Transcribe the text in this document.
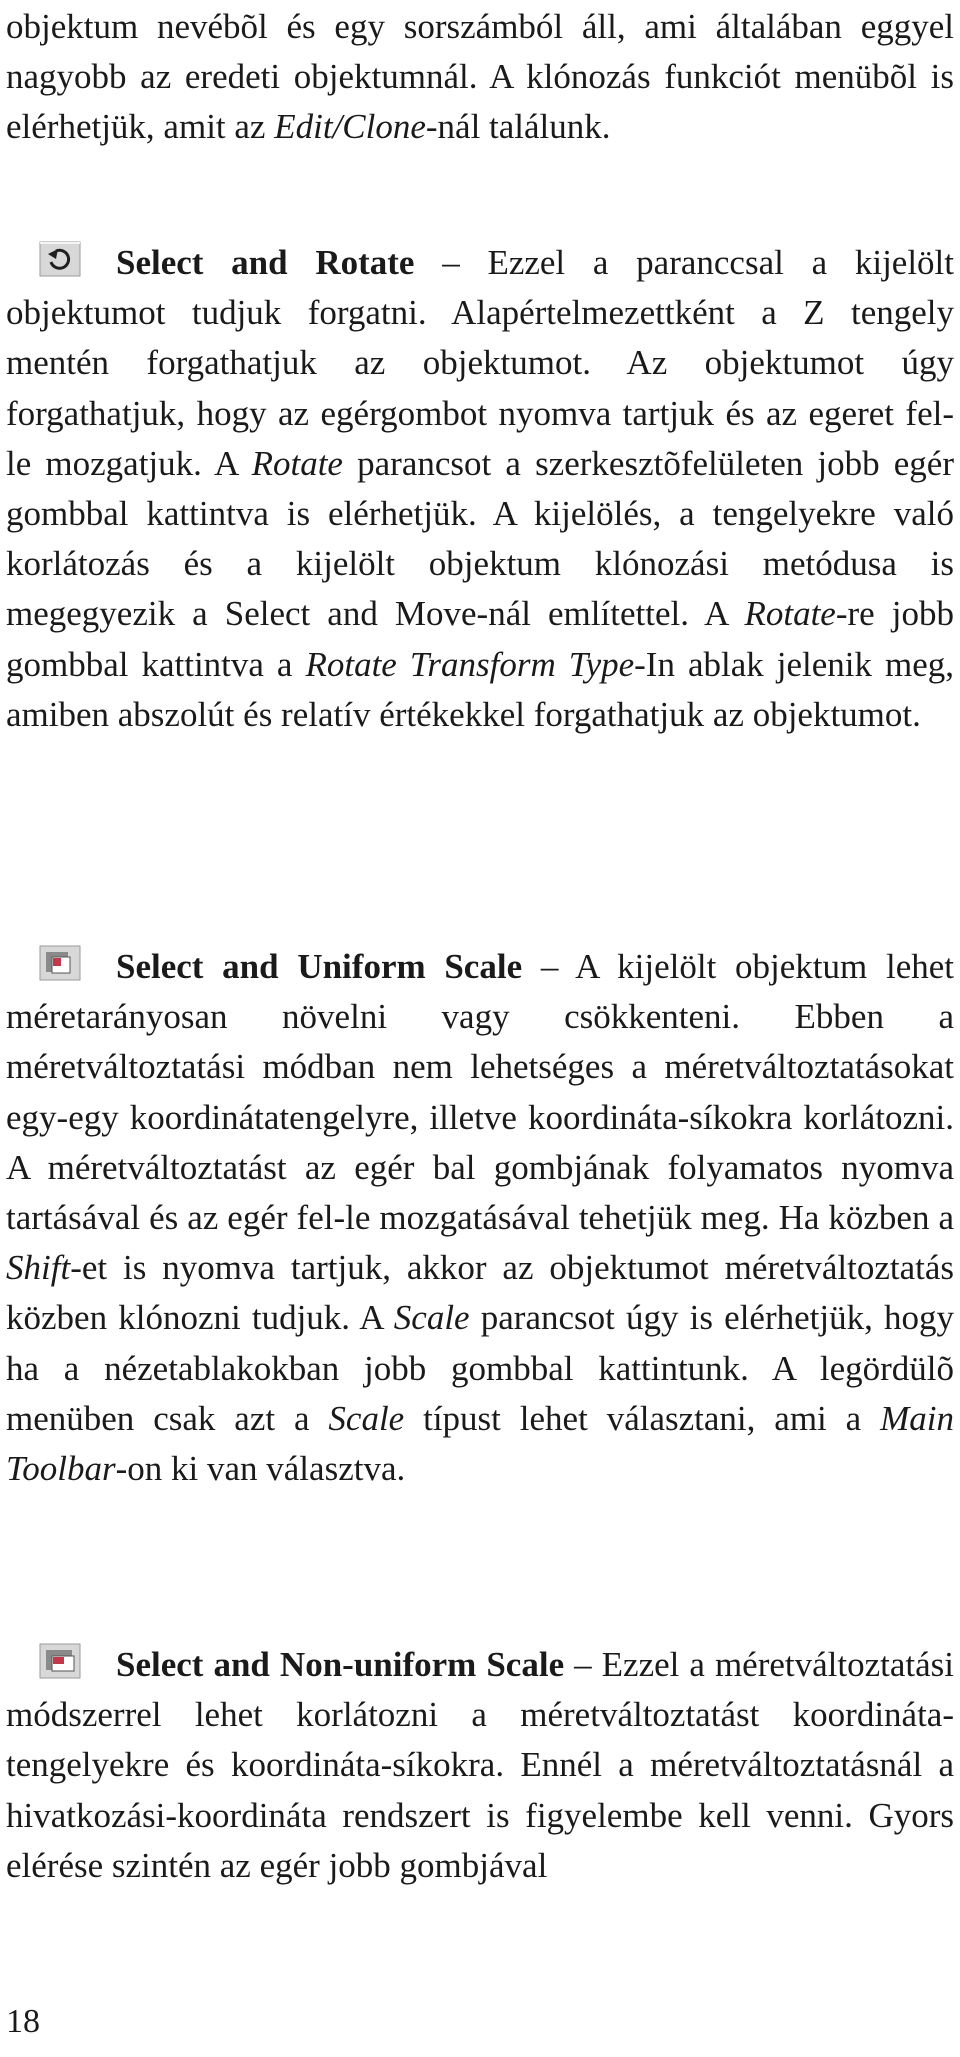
objektum nevébõl és egy sorszámból áll, ami általában eggyel nagyobb az eredeti objektumnál. A klónozás funkciót menübõl is elérhetjük, amit az Edit/Clone-nál találunk.

Select and Rotate – Ezzel a paranccsal a kijelölt objektumot tudjuk forgatni. Alapértelmezettként a Z tengely mentén forgathatjuk az objektumot. Az objektumot úgy forgathatjuk, hogy az egérgombot nyomva tartjuk és az egeret fel-le mozgatjuk. A Rotate parancsot a szerkesztõfelületen jobb egér gombbal kattintva is elérhetjük. A kijelölés, a tengelyekre való korlátozás és a kijelölt objektum klónozási metódusa is megegyezik a Select and Move-nál említettel. A Rotate-re jobb gombbal kattintva a Rotate Transform Type-In ablak jelenik meg, amiben abszolút és relatív értékekkel forgathatjuk az objektumot.

Select and Uniform Scale – A kijelölt objektum lehet méretarányosan növelni vagy csökkenteni. Ebben a méretváltoztatási módban nem lehetséges a méretváltoztatásokat egy-egy koordinátatengelyre, illetve koordináta-síkokra korlátozni. A méretváltoztatást az egér bal gombjának folyamatos nyomva tartásával és az egér fel-le mozgatásával tehetjük meg. Ha közben a Shift-et is nyomva tartjuk, akkor az objektumot méretváltoztatás közben klónozni tudjuk. A Scale parancsot úgy is elérhetjük, hogy ha a nézetablakokban jobb gombbal kattintunk. A legördülõ menüben csak azt a Scale típust lehet választani, ami a Main Toolbar-on ki van választva.

Select and Non-uniform Scale – Ezzel a méretváltoztatási módszerrel lehet korlátozni a méretváltoztatást koordináta-tengelyekre és koordináta-síkokra. Ennél a méretváltoztatásnál a hivatkozási-koordináta rendszert is figyelembe kell venni. Gyors elérése szintén az egér jobb gombjával

18
